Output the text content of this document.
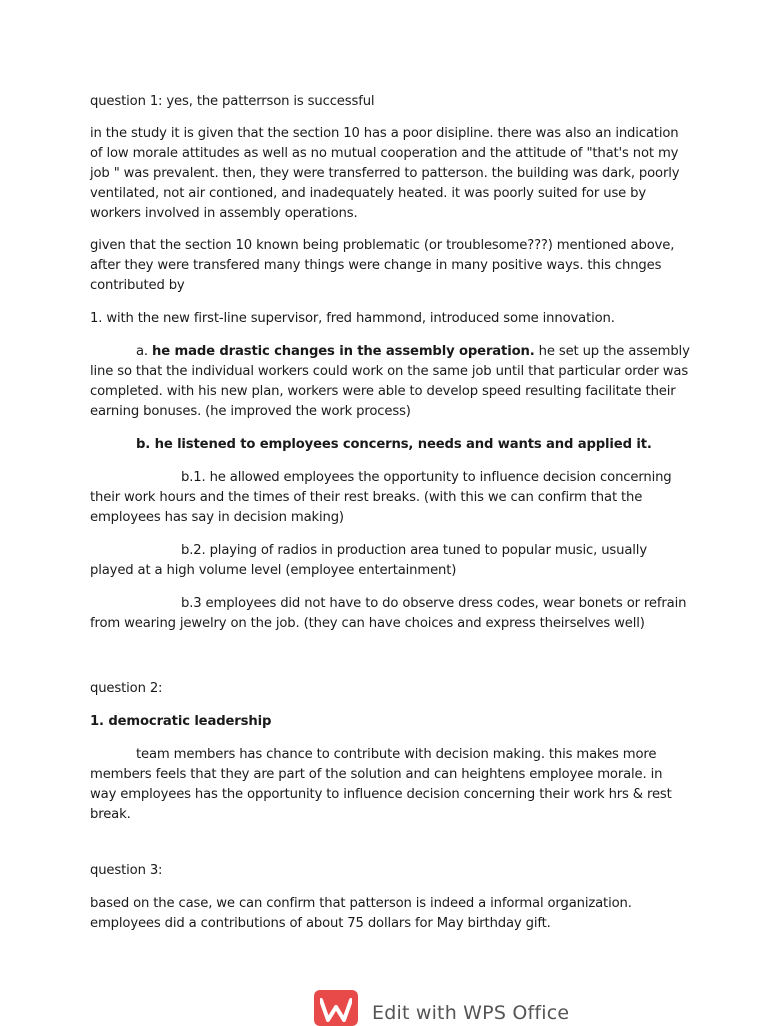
question 1: yes, the patterrson is successful

in the study it is given that the section 10 has a poor disipline. there was also an indication of low morale attitudes as well as no mutual cooperation and the attitude of "that's not my job " was prevalent. then, they were transferred to patterson. the building was dark, poorly ventilated, not air contioned, and inadequately heated. it was poorly suited for use by workers involved in assembly operations.

given that the section 10 known being problematic (or troublesome???) mentioned above, after they were transfered many things were change in many positive ways. this chnges contributed by

1. with the new first-line supervisor, fred hammond, introduced some innovation.

a. he made drastic changes in the assembly operation. he set up the assembly line so that the individual workers could work on the same job until that particular order was completed. with his new plan, workers were able to develop speed resulting facilitate their earning bonuses. (he improved the work process)

b. he listened to employees concerns, needs and wants and applied it.

b.1. he allowed employees the opportunity to influence decision concerning their work hours and the times of their rest breaks. (with this we can confirm that the employees has say in decision making)

b.2. playing of radios in production area tuned to popular music, usually played at a high volume level (employee entertainment)

b.3 employees did not have to do observe dress codes, wear bonets or refrain from wearing jewelry on the job. (they can have choices and express theirselves well)

question 2:

1. democratic leadership

team members has chance to contribute with decision making. this makes more members feels that they are part of the solution and can heightens employee morale. in way employees has the opportunity to influence decision concerning their work hrs & rest break.

question 3:

based on the case, we can confirm that patterson is indeed a informal organization. employees did a contributions of about 75 dollars for May birthday gift.

Edit with WPS Office
